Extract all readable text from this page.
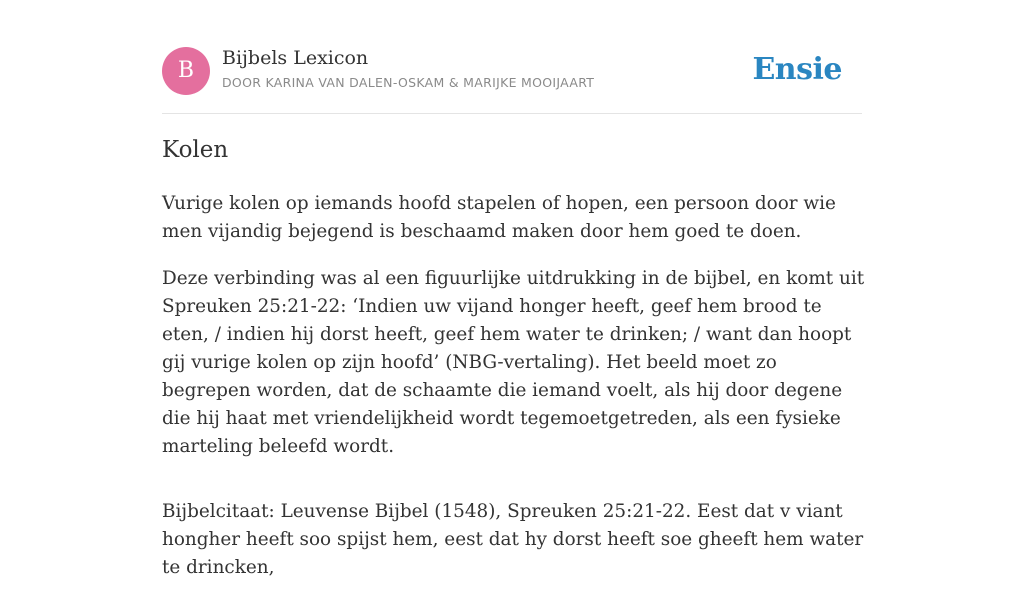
B	Bijbels Lexicon
DOOR KARINA VAN DALEN-OSKAM & MARIJKE MOOIJAART	Ensie
Kolen

Vurige kolen op iemands hoofd stapelen of hopen, een persoon door wie men vijandig bejegend is beschaamd maken door hem goed te doen.

Deze verbinding was al een figuurlijke uitdrukking in de bijbel, en komt uit Spreuken 25:21-22: ‘Indien uw vijand honger heeft, geef hem brood te eten, / indien hij dorst heeft, geef hem water te drinken; / want dan hoopt gij vurige kolen op zijn hoofd’ (NBG-vertaling). Het beeld moet zo begrepen worden, dat de schaamte die iemand voelt, als hij door degene die hij haat met vriendelijkheid wordt tegemoetgetreden, als een fysieke marteling beleefd wordt.

Bijbelcitaat: Leuvense Bijbel (1548), Spreuken 25:21-22. Eest dat v viant hongher heeft soo spijst hem, eest dat hy dorst heeft soe gheeft hem water te drincken,
